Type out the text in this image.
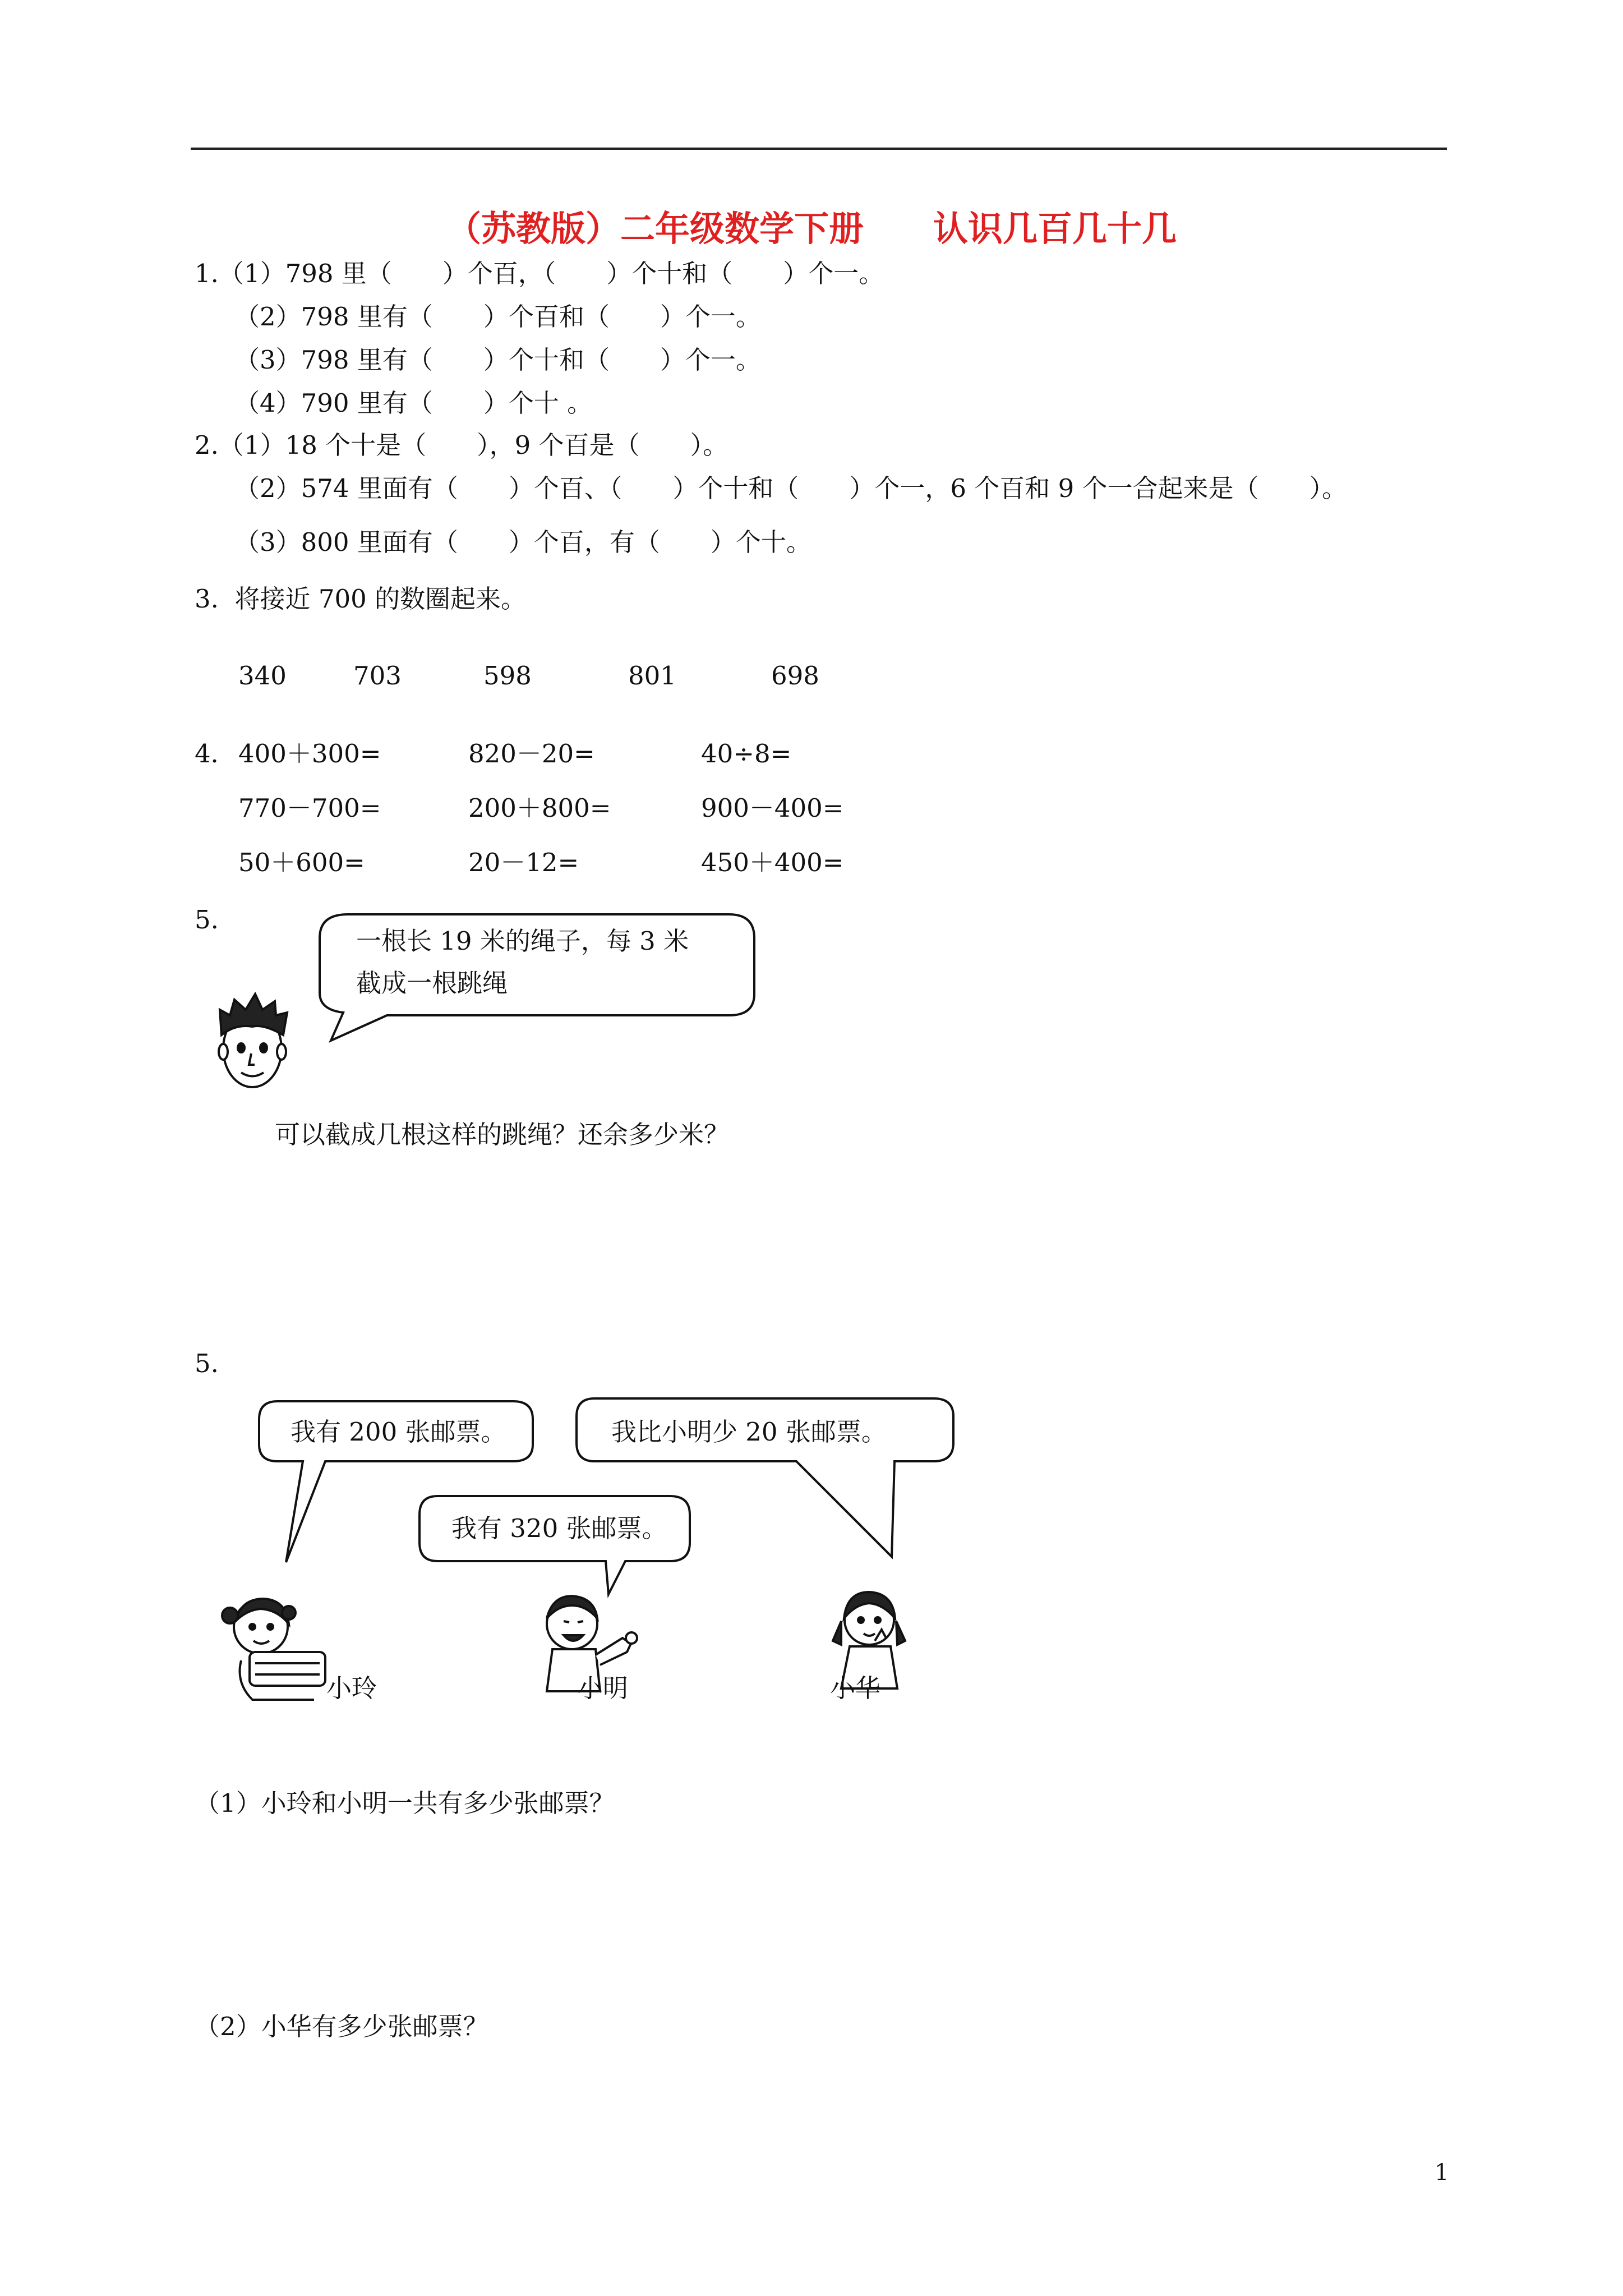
（苏教版）二年级数学下册　　认识几百几十几
1.（1）798 里（　　）个百，（　　）个十和（　　）个一。
（2）798 里有（　　）个百和（　　）个一。
（3）798 里有（　　）个十和（　　）个一。
（4）790 里有（　　）个十 。
2.（1）18 个十是（　　），9 个百是（　　）。
（2）574 里面有（　　）个百、（　　）个十和（　　）个一，6 个百和 9 个一合起来是（　　）。
（3）800 里面有（　　）个百，有（　　）个十。
3.  将接近 700 的数圈起来。
340	703	598	801	698
4． 400＋300=	820－20=	40÷8=
770－700=	200＋800=	900－400=
50＋600=	20－12=	450＋400=
5.
一根长 19 米的绳子，每 3 米
截成一根跳绳
可以截成几根这样的跳绳？还余多少米？
5.
我有 200 张邮票。	我比小明少 20 张邮票。
我有 320 张邮票。
小玲	小明	小华
（1）小玲和小明一共有多少张邮票？
（2）小华有多少张邮票？
1
